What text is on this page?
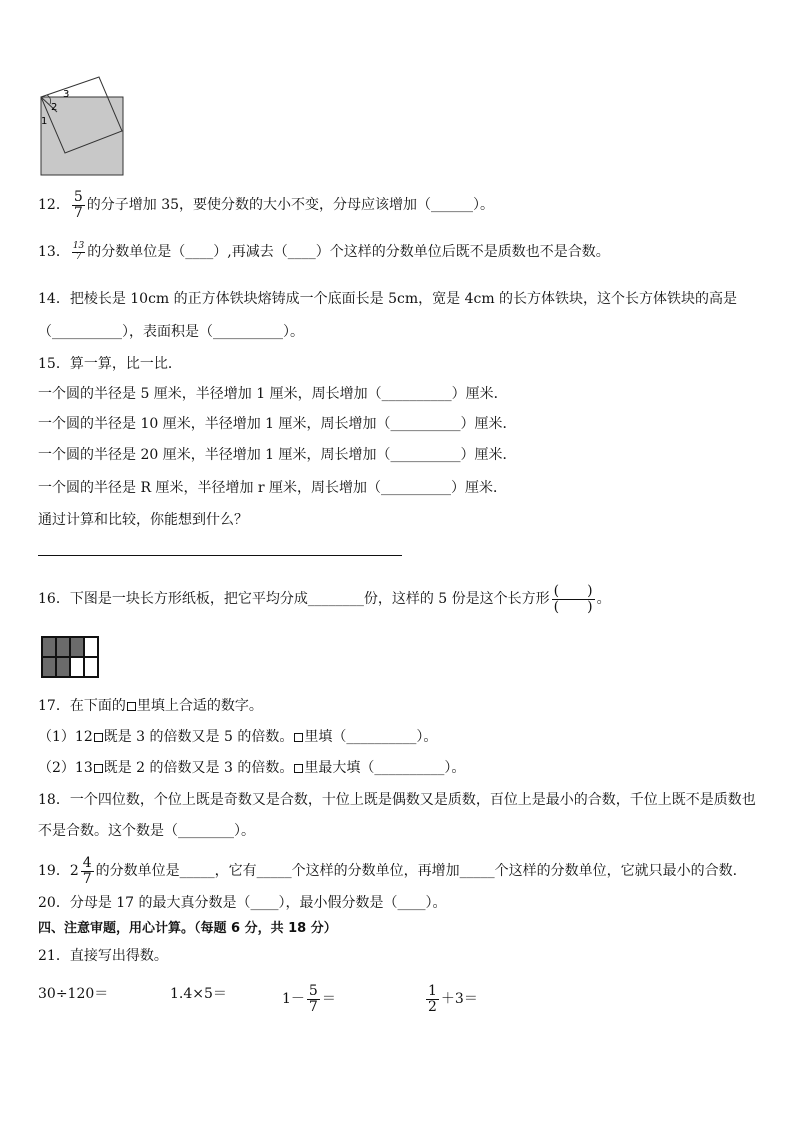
3
2
1
12． $\frac{5}{7}$ 的分子增加 35，要使分数的大小不变，分母应该增加（______）。
13． $\frac{13}{7}$ 的分数单位是（____）,再减去（____）个这样的分数单位后既不是质数也不是合数。
14．把棱长是 10cm 的正方体铁块熔铸成一个底面长是 5cm，宽是 4cm 的长方体铁块，这个长方体铁块的高是
（__________），表面积是（__________）。
15．算一算，比一比．
一个圆的半径是 5 厘米，半径增加 1 厘米，周长增加（__________）厘米．
一个圆的半径是 10 厘米，半径增加 1 厘米，周长增加（__________）厘米．
一个圆的半径是 20 厘米，半径增加 1 厘米，周长增加（__________）厘米．
一个圆的半径是 R 厘米，半径增加 r 厘米，周长增加（__________）厘米．
通过计算和比较，你能想到什么？
16．下图是一块长方形纸板，把它平均分成________份，这样的 5 份是这个长方形 $\frac{( )}{( )}$ 。
17．在下面的 里填上合适的数字。
（1）12 既是 3 的倍数又是 5 的倍数。 里填（__________）。
（2）13 既是 2 的倍数又是 3 的倍数。 里最大填（__________）。
18．一个四位数，个位上既是奇数又是合数，十位上既是偶数又是质数，百位上是最小的合数，千位上既不是质数也
不是合数。这个数是（________）。
19．$2 \frac{4}{7}$ 的分数单位是_____，它有_____个这样的分数单位，再增加_____个这样的分数单位，它就只最小的合数.
20．分母是 17 的最大真分数是（____），最小假分数是（____）。
四、注意审题，用心计算。（每题 6 分，共 18 分）
21．直接写出得数。
30÷120＝	1.4×5＝	$1- \frac{5}{7}$ ＝	$\frac{1}{2} +3=$
